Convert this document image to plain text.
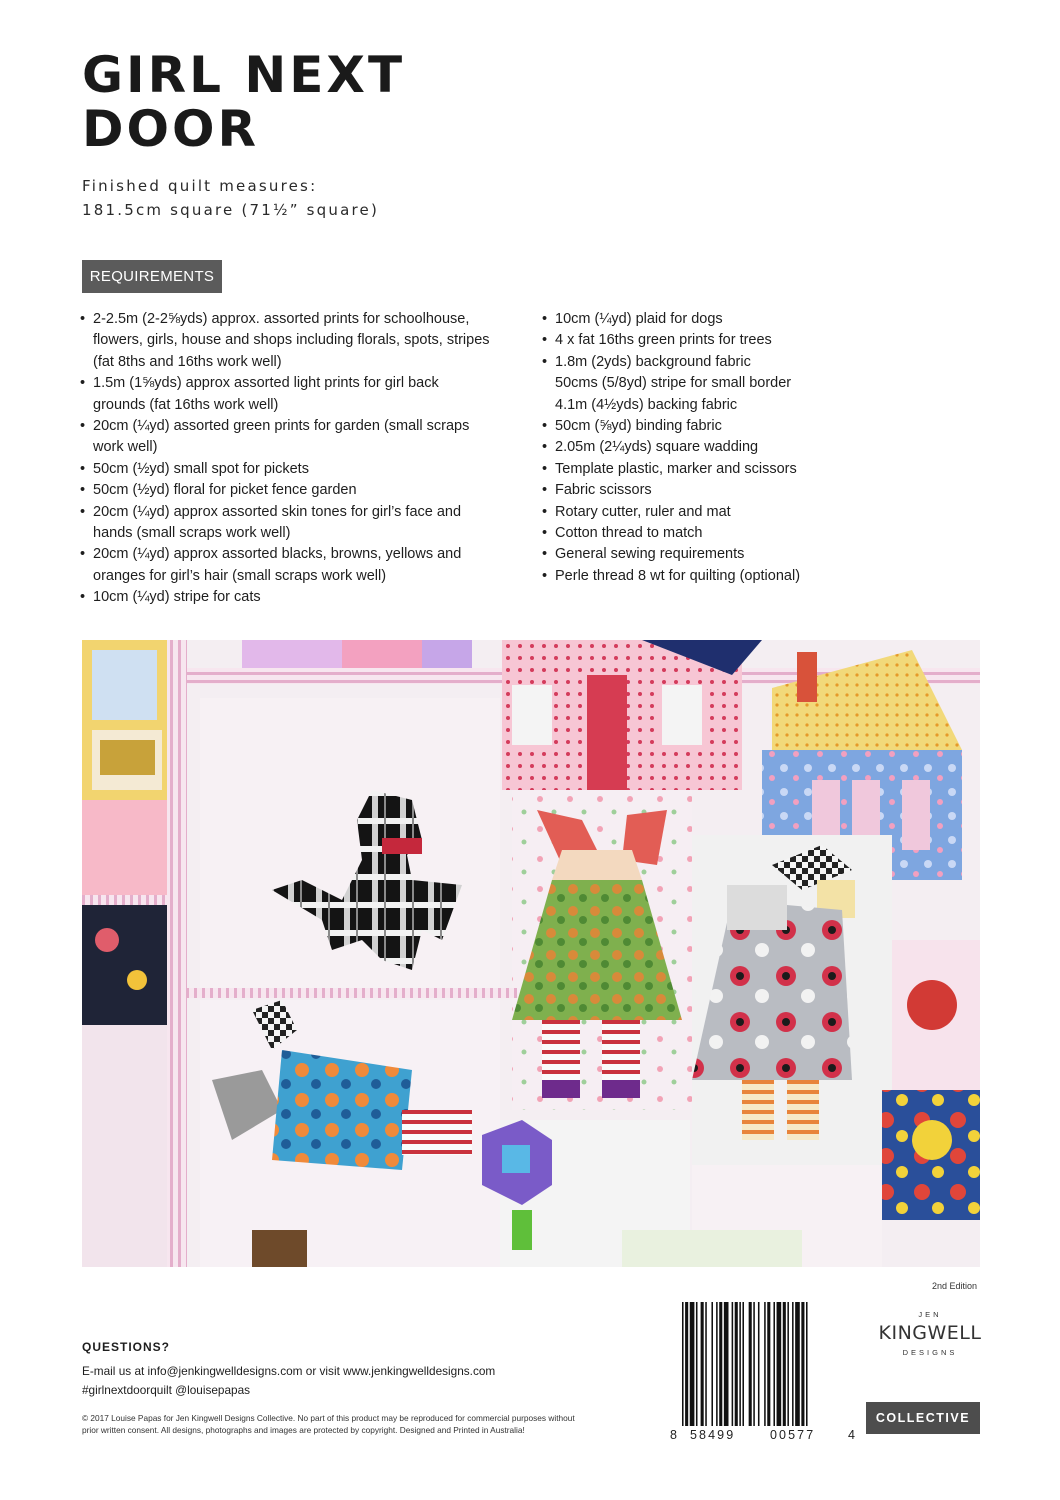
GIRL NEXT
DOOR
Finished quilt measures:
181.5cm square (71½” square)
REQUIREMENTS
• 2-2.5m (2-2⅝yds) approx. assorted prints for schoolhouse,
flowers, girls, house and shops including florals, spots, stripes
(fat 8ths and 16ths work well)
• 1.5m (1⅝yds) approx assorted light prints for girl back
grounds (fat 16ths work well)
• 20cm (¼yd) assorted green prints for garden (small scraps
work well)
• 50cm (½yd) small spot for pickets
• 50cm (½yd) floral for picket fence garden
• 20cm (¼yd) approx assorted skin tones for girl’s face and
hands (small scraps work well)
• 20cm (¼yd) approx assorted blacks, browns, yellows and
oranges for girl’s hair (small scraps work well)
• 10cm (¼yd) stripe for cats
• 10cm (¼yd) plaid for dogs
• 4 x fat 16ths green prints for trees
• 1.8m (2yds) background fabric
50cms (5/8yd) stripe for small border
4.1m (4½yds) backing fabric
• 50cm (⅝yd) binding fabric
• 2.05m (2¼yds) square wadding
• Template plastic, marker and scissors
• Fabric scissors
• Rotary cutter, ruler and mat
• Cotton thread to match
• General sewing requirements
• Perle thread 8 wt for quilting (optional)
2nd Edition
QUESTIONS?
E-mail us at info@jenkingwelldesigns.com or visit www.jenkingwelldesigns.com
#girlnextdoorquilt @louisepapas
© 2017 Louise Papas for Jen Kingwell Designs Collective. No part of this product may be reproduced for commercial purposes without
prior written consent. All designs, photographs and images are protected by copyright. Designed and Printed in Australia!	8 58499	00577	4
JEN
KINGWELL
DESIGNS
COLLECTIVE
